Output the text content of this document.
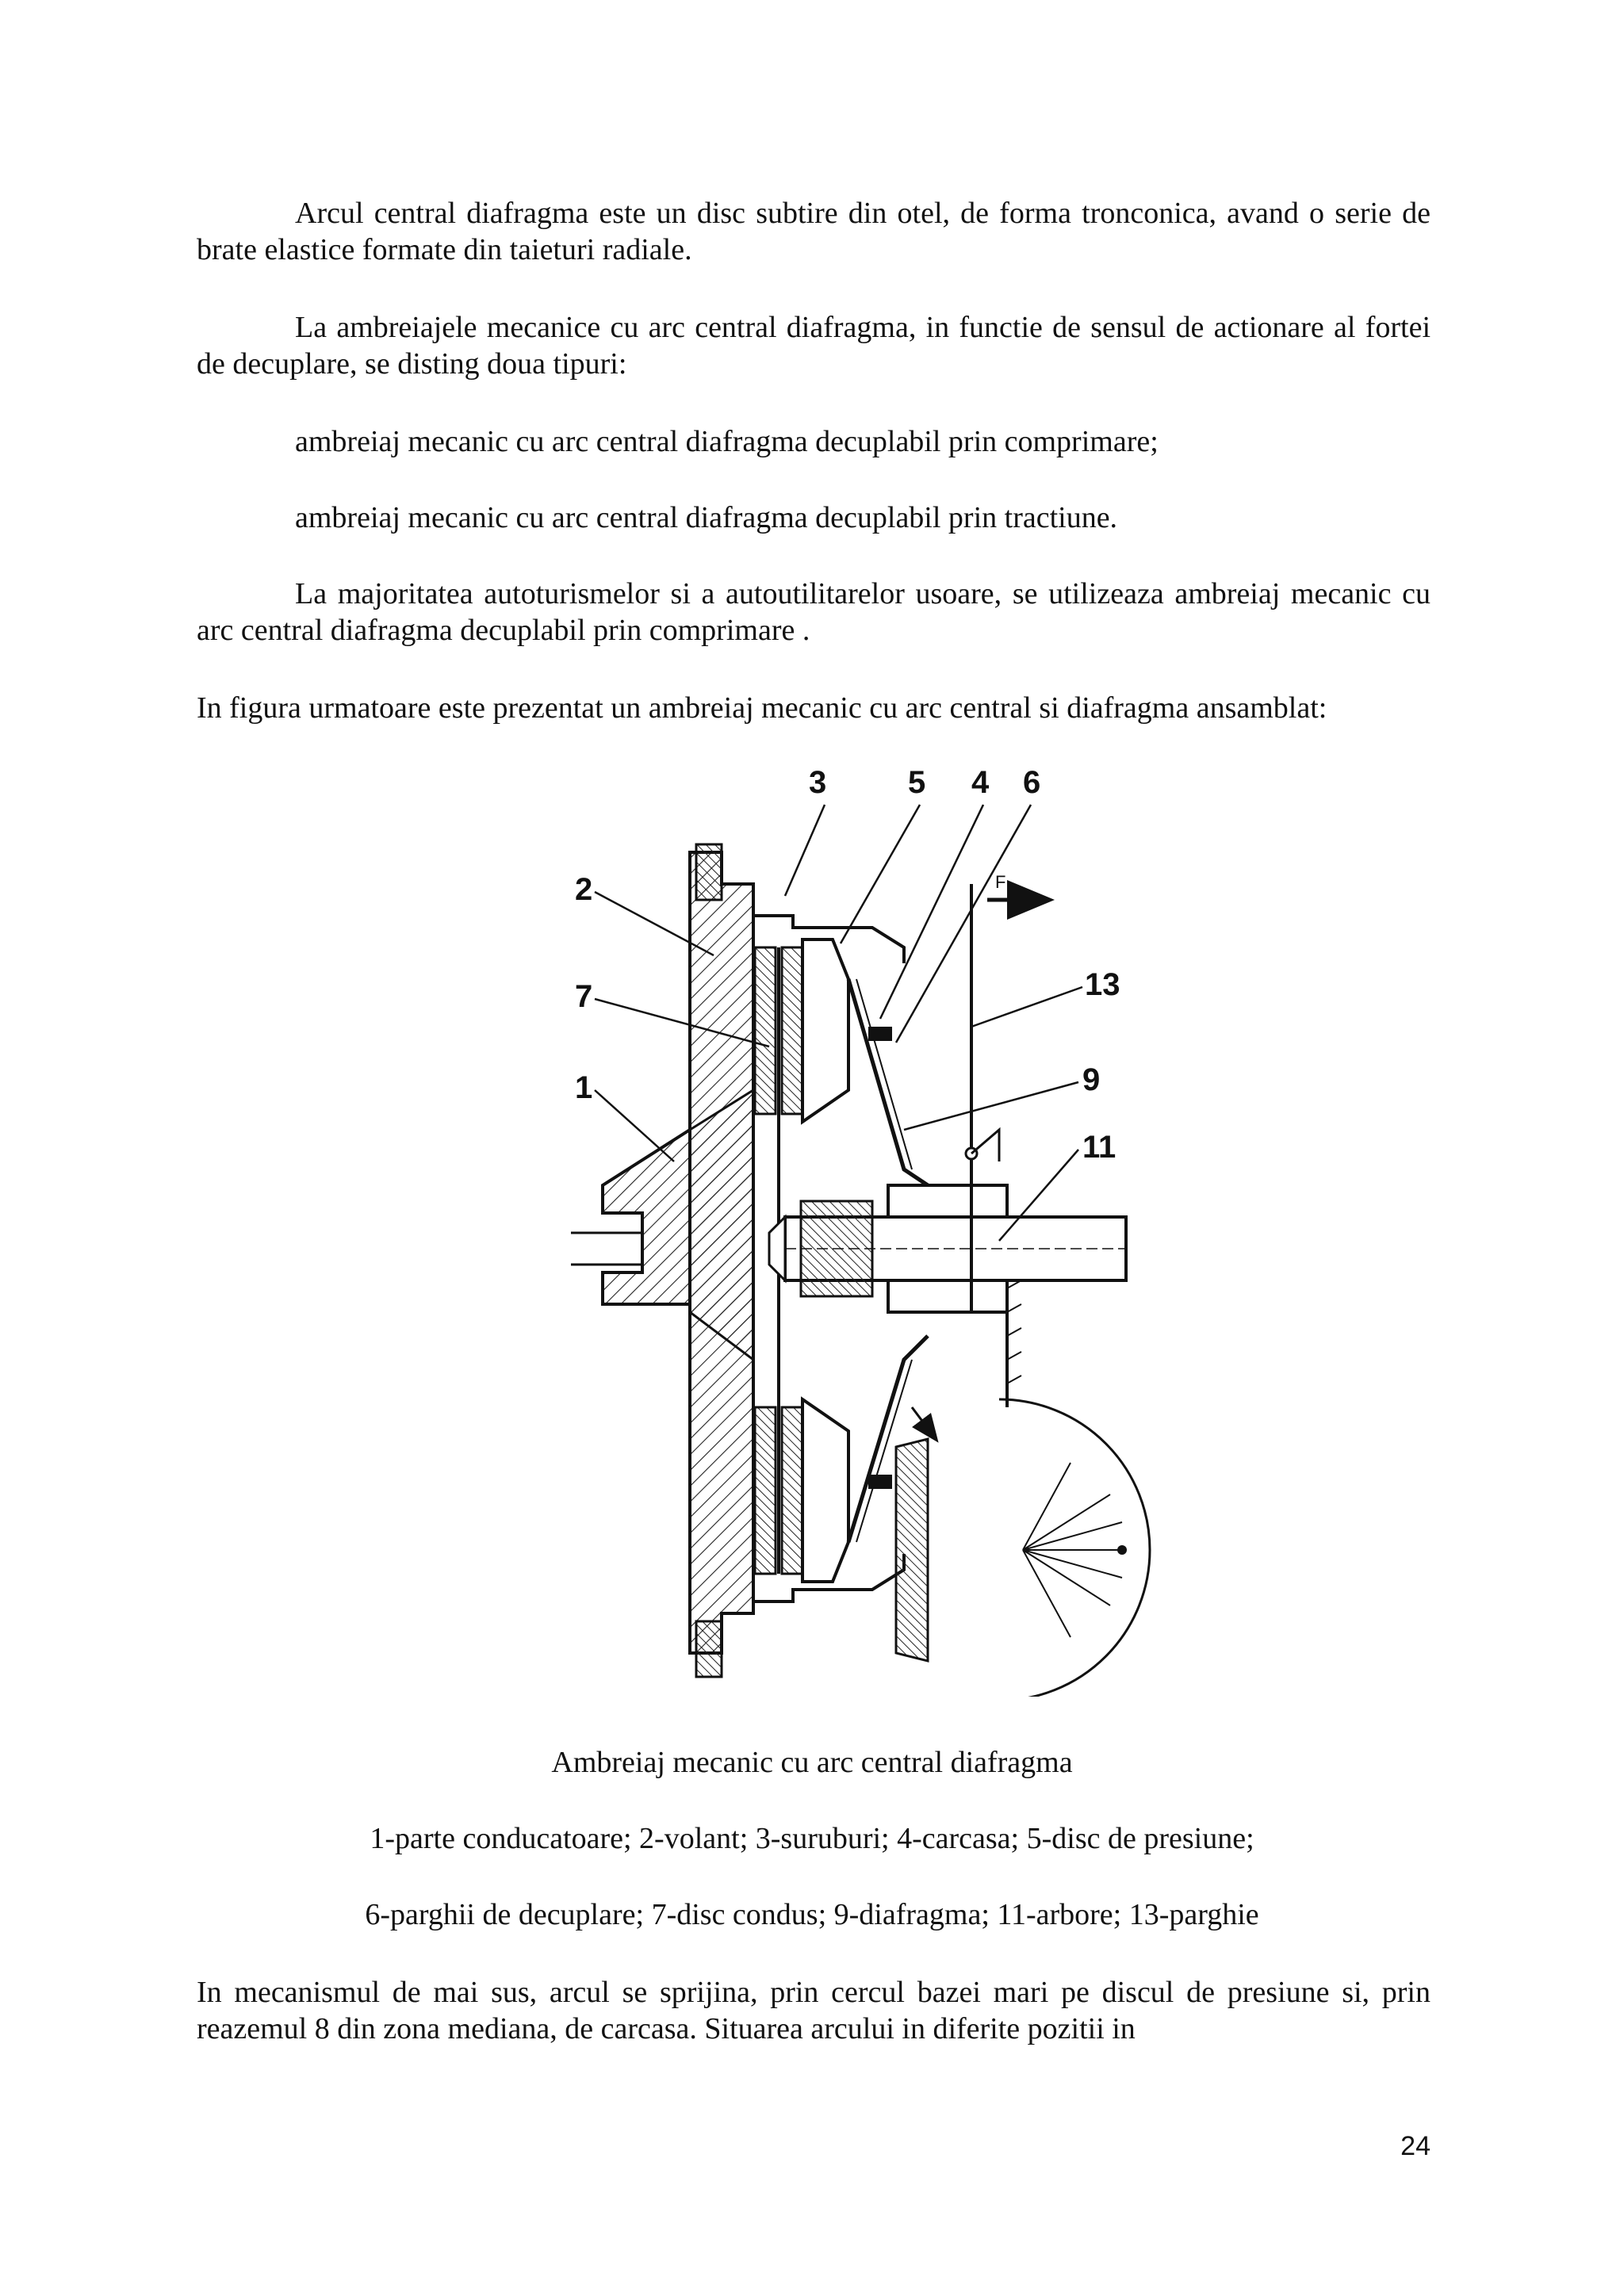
Arcul central diafragma este un disc subtire din otel, de forma tronconica, avand o serie de brate elastice formate din taieturi radiale.

La ambreiajele mecanice cu arc central diafragma, in functie de sensul de actionare al fortei de decuplare, se disting doua tipuri:

ambreiaj mecanic cu arc central diafragma decuplabil prin comprimare;

ambreiaj mecanic cu arc central diafragma decuplabil prin tractiune.

La majoritatea autoturismelor si a autoutilitarelor usoare, se utilizeaza ambreiaj mecanic cu arc central diafragma decuplabil prin comprimare .

In figura urmatoare este prezentat un ambreiaj mecanic cu arc central si diafragma ansamblat:

F
2
7
1
3	5 4 6
13
9
11

Ambreiaj mecanic cu arc central diafragma

1-parte conducatoare; 2-volant; 3-suruburi; 4-carcasa; 5-disc de presiune;

6-parghii de decuplare; 7-disc condus; 9-diafragma; 11-arbore; 13-parghie

In mecanismul de mai sus, arcul se sprijina, prin cercul bazei mari pe discul de presiune si, prin reazemul 8 din zona mediana, de carcasa. Situarea arcului in diferite pozitii in

24
